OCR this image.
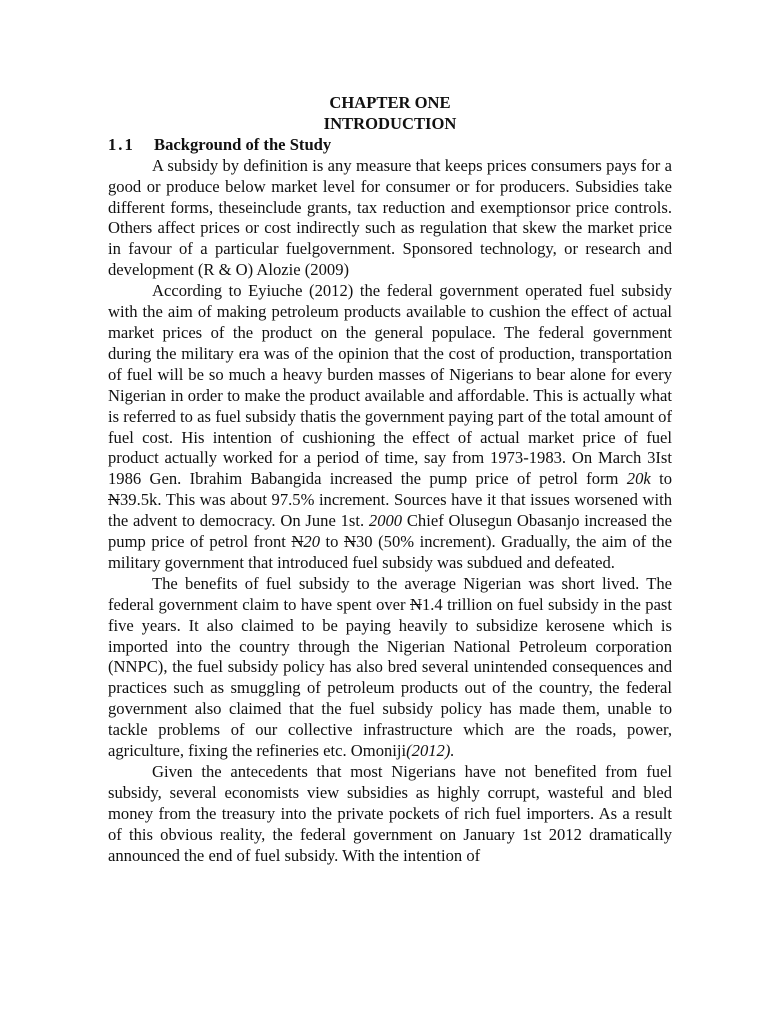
CHAPTER ONE
INTRODUCTION
1.1 Background of the Study

A subsidy by definition is any measure that keeps prices consumers pays for a good or produce below market level for consumer or for producers. Subsidies take different forms, theseinclude grants, tax reduction and exemptionsor price controls. Others affect prices or cost indirectly such as regulation that skew the market price in favour of a particular fuelgovernment. Sponsored technology, or research and development (R & O) Alozie (2009)

According to Eyiuche (2012) the federal government operated fuel subsidy with the aim of making petroleum products available to cushion the effect of actual market prices of the product on the general populace. The federal government during the military era was of the opinion that the cost of production, transportation of fuel will be so much a heavy burden masses of Nigerians to bear alone for every Nigerian in order to make the product available and affordable. This is actually what is referred to as fuel subsidy thatis the government paying part of the total amount of fuel cost. His intention of cushioning the effect of actual market price of fuel product actually worked for a period of time, say from 1973-1983. On March 3Ist 1986 Gen. Ibrahim Babangida increased the pump price of petrol form 20k to N39.5k. This was about 97.5% increment. Sources have it that issues worsened with the advent to democracy. On June 1st. 2000 Chief Olusegun Obasanjo increased the pump price of petrol front N20 to N30 (50% increment). Gradually, the aim of the military government that introduced fuel subsidy was subdued and defeated.

The benefits of fuel subsidy to the average Nigerian was short lived. The federal government claim to have spent over N1.4 trillion on fuel subsidy in the past five years. It also claimed to be paying heavily to subsidize kerosene which is imported into the country through the Nigerian National Petroleum corporation (NNPC), the fuel subsidy policy has also bred several unintended consequences and practices such as smuggling of petroleum products out of the country, the federal government also claimed that the fuel subsidy policy has made them, unable to tackle problems of our collective infrastructure which are the roads, power, agriculture, fixing the refineries etc. Omoniji(2012).

Given the antecedents that most Nigerians have not benefited from fuel subsidy, several economists view subsidies as highly corrupt, wasteful and bled money from the treasury into the private pockets of rich fuel importers. As a result of this obvious reality, the federal government on January 1st 2012 dramatically announced the end of fuel subsidy. With the intention of
